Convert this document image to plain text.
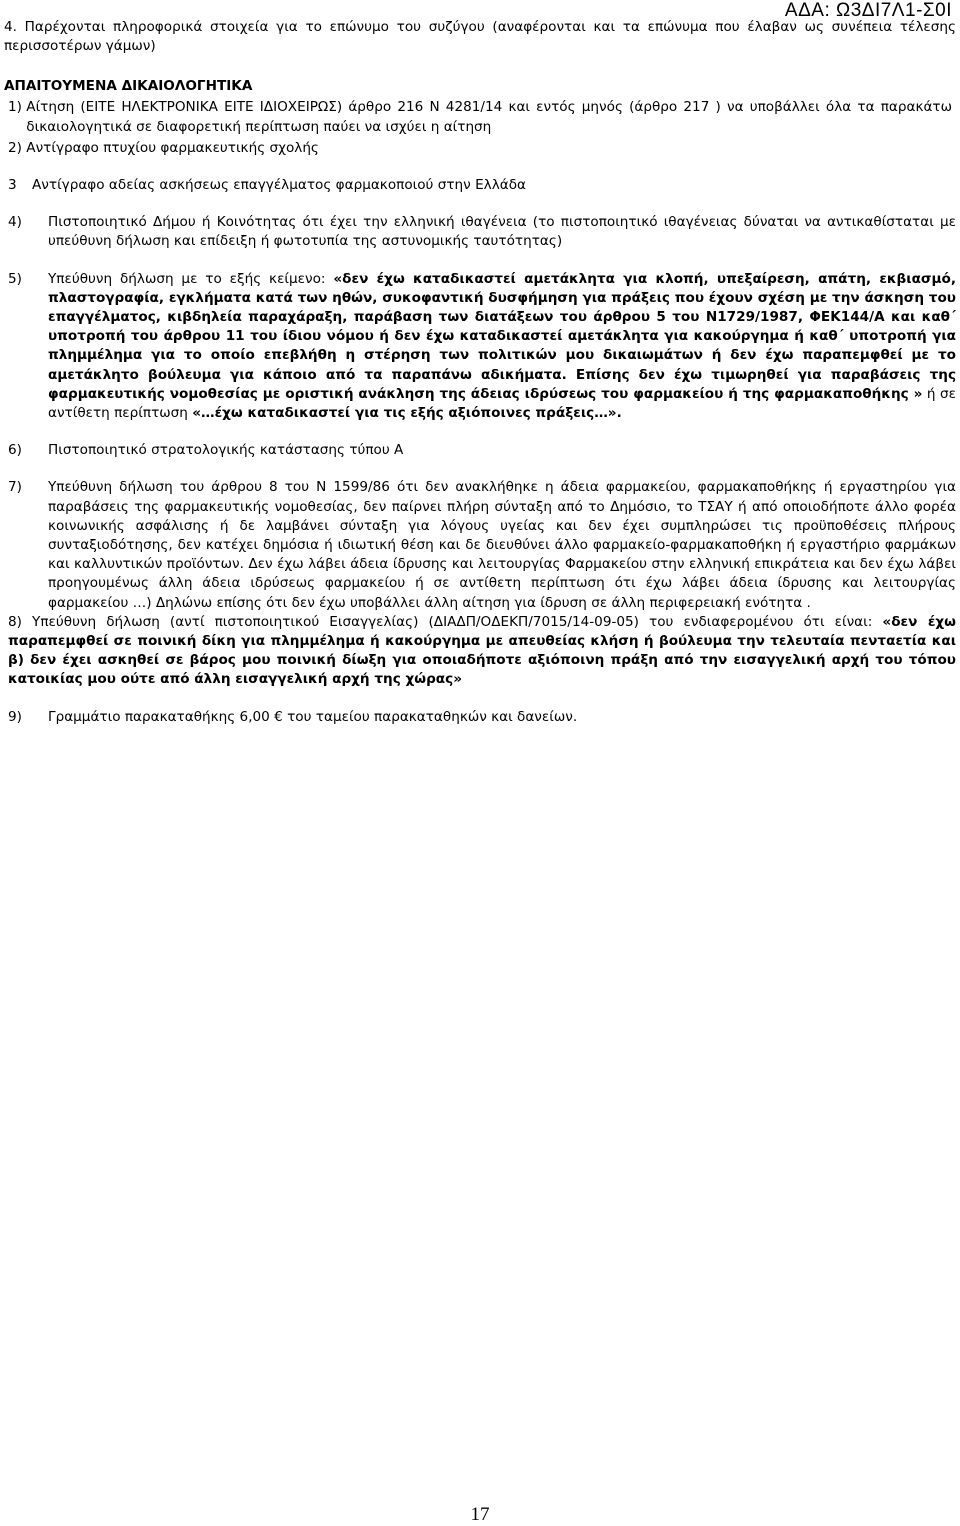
ΑΔΑ: Ω3ΔΙ7Λ1-Σ0Ι
4. Παρέχονται πληροφορικά στοιχεία για το επώνυμο του συζύγου (αναφέρονται και τα επώνυμα που έλαβαν ως συνέπεια τέλεσης περισσοτέρων γάμων)
ΑΠΑΙΤΟΥΜΕΝΑ ΔΙΚΑΙΟΛΟΓΗΤΙΚΑ
1) Αίτηση (ΕΙΤΕ ΗΛΕΚΤΡΟΝΙΚΑ ΕΙΤΕ ΙΔΙΟΧΕΙΡΩΣ) άρθρο 216 Ν 4281/14 και εντός μηνός (άρθρο 217 ) να υποβάλλει όλα τα παρακάτω δικαιολογητικά σε διαφορετική περίπτωση παύει να ισχύει η αίτηση
2) Αντίγραφο πτυχίου φαρμακευτικής σχολής
3 Αντίγραφο αδείας ασκήσεως επαγγέλματος φαρμακοποιού στην Ελλάδα
4)	Πιστοποιητικό Δήμου ή Κοινότητας ότι έχει την ελληνική ιθαγένεια (το πιστοποιητικό ιθαγένειας δύναται να αντικαθίσταται με υπεύθυνη δήλωση και επίδειξη ή φωτοτυπία της αστυνομικής ταυτότητας)
5)	Υπεύθυνη δήλωση με το εξής κείμενο: «δεν έχω καταδικαστεί αμετάκλητα για κλοπή, υπεξαίρεση, απάτη, εκβιασμό, πλαστογραφία, εγκλήματα κατά των ηθών, συκοφαντική δυσφήμηση για πράξεις που έχουν σχέση με την άσκηση του επαγγέλματος, κιβδηλεία παραχάραξη, παράβαση των διατάξεων του άρθρου 5 του Ν1729/1987, ΦΕΚ144/Α και καθ΄ υποτροπή του άρθρου 11 του ίδιου νόμου ή δεν έχω καταδικαστεί αμετάκλητα για κακούργημα ή καθ΄ υποτροπή για πλημμέλημα για το οποίο επεβλήθη η στέρηση των πολιτικών μου δικαιωμάτων ή δεν έχω παραπεμφθεί με το αμετάκλητο βούλευμα για κάποιο από τα παραπάνω αδικήματα. Επίσης δεν έχω τιμωρηθεί για παραβάσεις της φαρμακευτικής νομοθεσίας με οριστική ανάκληση της άδειας ιδρύσεως του φαρμακείου ή της φαρμακαποθήκης » ή σε αντίθετη περίπτωση «…έχω καταδικαστεί για τις εξής αξιόποινες πράξεις…».
6)	Πιστοποιητικό στρατολογικής κατάστασης τύπου Α
7)	Υπεύθυνη δήλωση του άρθρου 8 του Ν 1599/86 ότι δεν ανακλήθηκε η άδεια φαρμακείου, φαρμακαποθήκης ή εργαστηρίου για παραβάσεις της φαρμακευτικής νομοθεσίας, δεν παίρνει πλήρη σύνταξη από το Δημόσιο, το ΤΣΑΥ ή από οποιοδήποτε άλλο φορέα κοινωνικής ασφάλισης ή δε λαμβάνει σύνταξη για λόγους υγείας και δεν έχει συμπληρώσει τις προϋποθέσεις πλήρους συνταξιοδότησης, δεν κατέχει δημόσια ή ιδιωτική θέση και δε διευθύνει άλλο φαρμακείο-φαρμακαποθήκη ή εργαστήριο φαρμάκων και καλλυντικών προϊόντων. Δεν έχω λάβει άδεια ίδρυσης και λειτουργίας Φαρμακείου στην ελληνική επικράτεια και δεν έχω λάβει προηγουμένως άλλη άδεια ιδρύσεως φαρμακείου ή σε αντίθετη περίπτωση ότι έχω λάβει άδεια ίδρυσης και λειτουργίας φαρμακείου …) Δηλώνω επίσης ότι δεν έχω υποβάλλει άλλη αίτηση για ίδρυση σε άλλη περιφερειακή ενότητα .
8) Υπεύθυνη δήλωση (αντί πιστοποιητικού Εισαγγελίας) (ΔΙΑΔΠ/ΟΔΕΚΠ/7015/14-09-05) του ενδιαφερομένου ότι είναι: «δεν έχω παραπεμφθεί σε ποινική δίκη για πλημμέλημα ή κακούργημα με απευθείας κλήση ή βούλευμα την τελευταία πενταετία και β) δεν έχει ασκηθεί σε βάρος μου ποινική δίωξη για οποιαδήποτε αξιόποινη πράξη από την εισαγγελική αρχή του τόπου κατοικίας μου ούτε από άλλη εισαγγελική αρχή της χώρας»
9)	Γραμμάτιο παρακαταθήκης 6,00 € του ταμείου παρακαταθηκών και δανείων.
17
